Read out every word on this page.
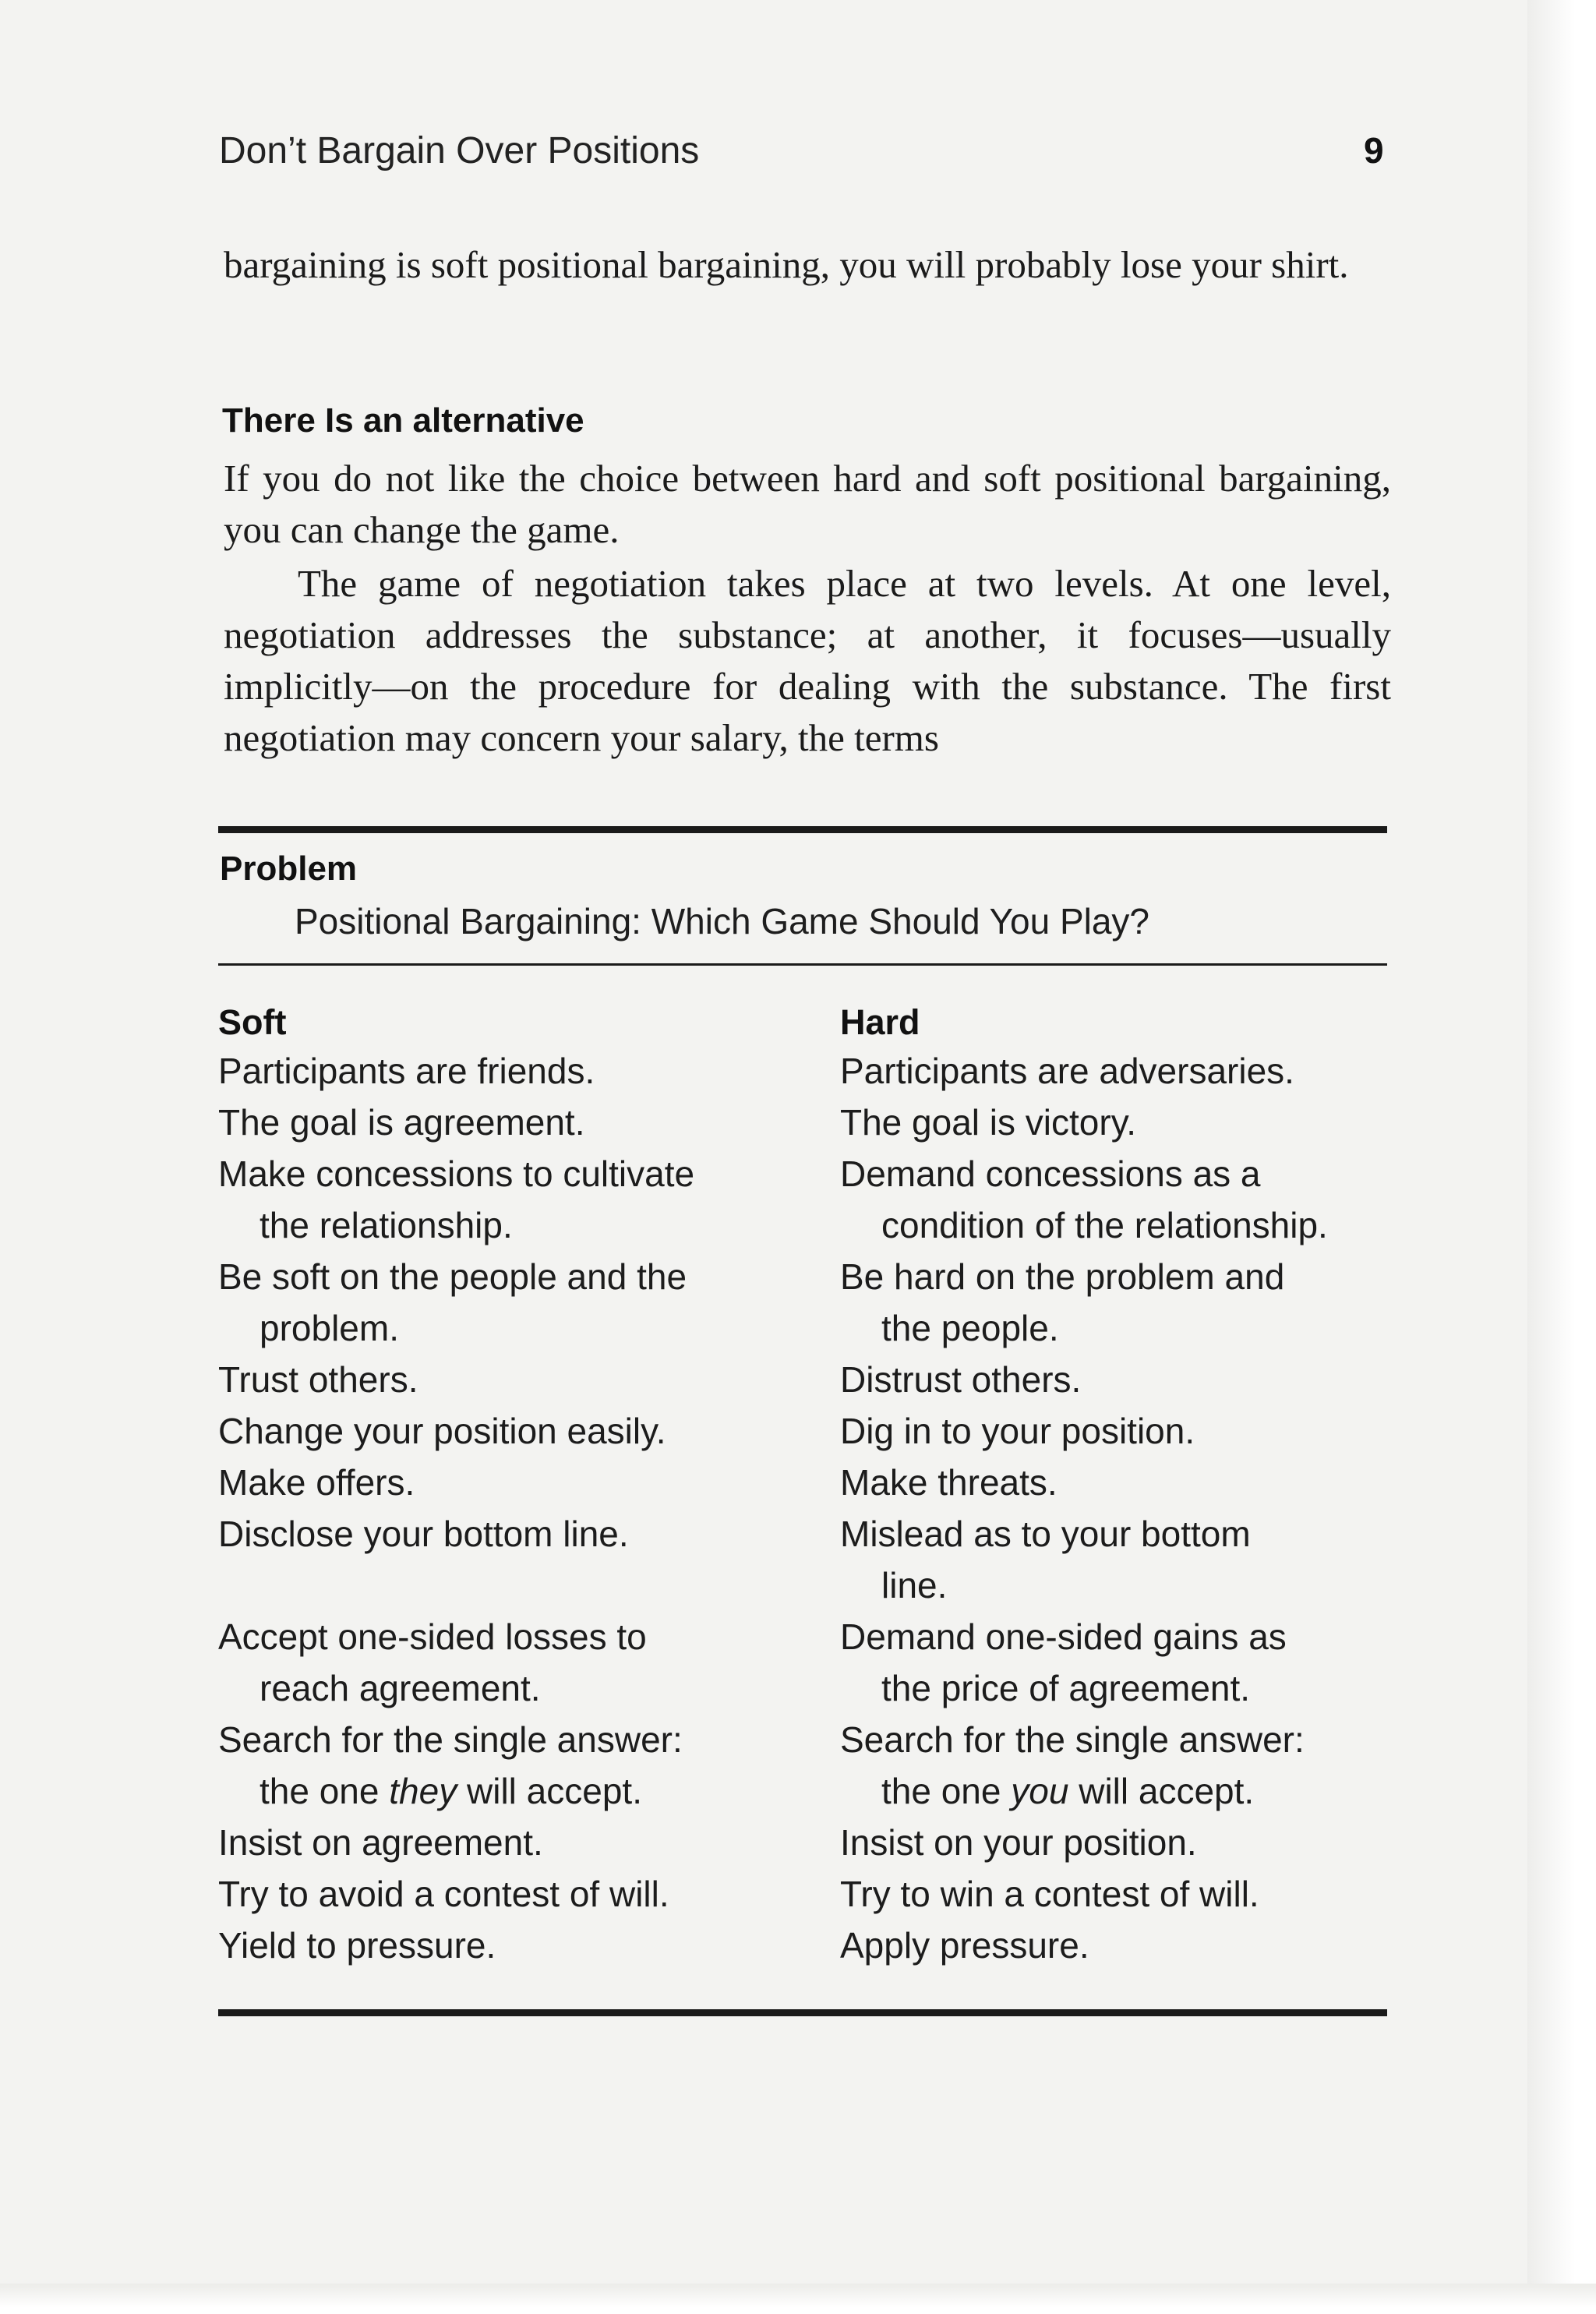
Don’t Bargain Over Positions	9

bargaining is soft positional bargaining, you will probably lose your shirt.

There Is an alternative

If you do not like the choice between hard and soft positional bargaining, you can change the game.

The game of negotiation takes place at two levels. At one level, negotiation addresses the substance; at another, it focuses—usually implicitly—on the procedure for dealing with the substance. The first negotiation may concern your salary, the terms

Problem
Positional Bargaining: Which Game Should You Play?
Soft
Participants are friends.
The goal is agreement.
Make concessions to cultivate
the relationship.
Be soft on the people and the
problem.
Trust others.
Change your position easily.
Make offers.
Disclose your bottom line.

Accept one-sided losses to
reach agreement.
Search for the single answer:
the one they will accept.
Insist on agreement.
Try to avoid a contest of will.
Yield to pressure.
Hard
Participants are adversaries.
The goal is victory.
Demand concessions as a
condition of the relationship.
Be hard on the problem and
the people.
Distrust others.
Dig in to your position.
Make threats.
Mislead as to your bottom
line.
Demand one-sided gains as
the price of agreement.
Search for the single answer:
the one you will accept.
Insist on your position.
Try to win a contest of will.
Apply pressure.
